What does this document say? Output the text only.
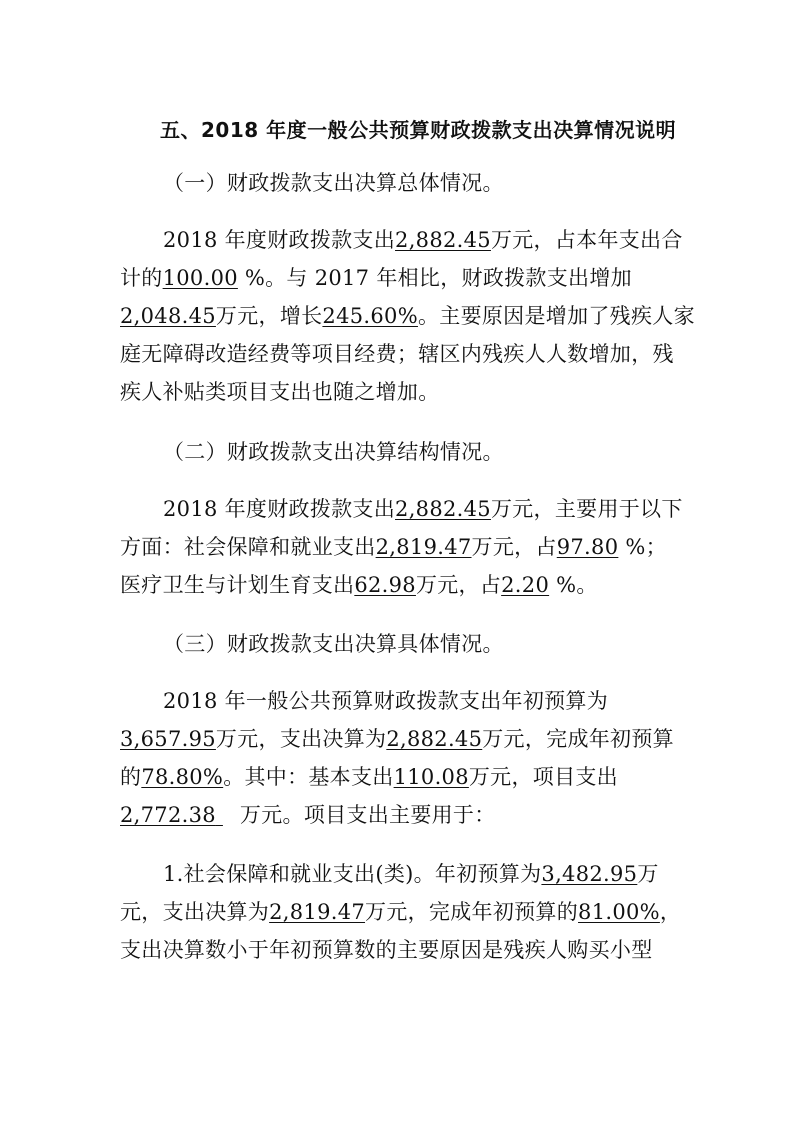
五、2018 年度一般公共预算财政拨款支出决算情况说明
（一）财政拨款支出决算总体情况。
2018 年度财政拨款支出2,882.45万元，占本年支出合
计的100.00 %。与 2017 年相比，财政拨款支出增加
2,048.45万元，增长245.60%。主要原因是增加了残疾人家
庭无障碍改造经费等项目经费；辖区内残疾人人数增加，残
疾人补贴类项目支出也随之增加。
（二）财政拨款支出决算结构情况。
2018 年度财政拨款支出2,882.45万元，主要用于以下
方面：社会保障和就业支出2,819.47万元，占97.80 %；
医疗卫生与计划生育支出62.98万元，占2.20 %。
（三）财政拨款支出决算具体情况。
2018 年一般公共预算财政拨款支出年初预算为
3,657.95万元，支出决算为2,882.45万元，完成年初预算
的78.80%。其中：基本支出110.08万元，项目支出
2,772.38 万元。项目支出主要用于：
1.社会保障和就业支出(类)。年初预算为3,482.95万
元，支出决算为2,819.47万元，完成年初预算的81.00%，
支出决算数小于年初预算数的主要原因是残疾人购买小型
